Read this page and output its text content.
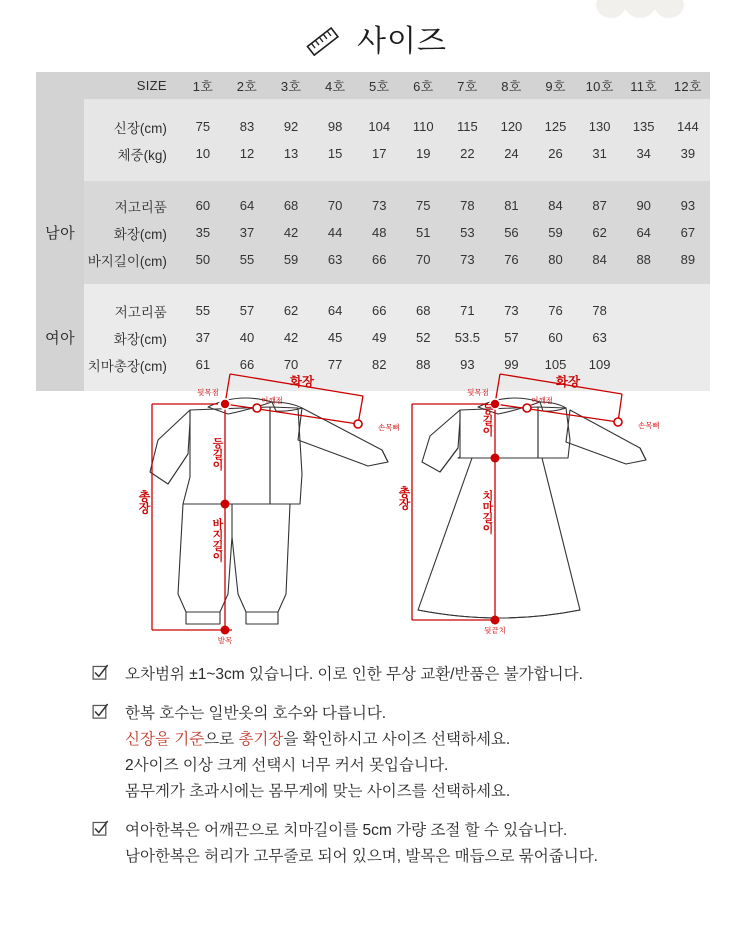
사이즈
	SIZE	1호	2호	3호	4호	5호	6호	7호	8호	9호	10호	11호	12호

	신장(cm)	75	83	92	98	104	110	115	120	125	130	135	144
	체중(kg)	10	12	13	15	17	19	22	24	26	31	34	39

남아	저고리품	60	64	68	70	73	75	78	81	84	87	90	93
	화장(cm)	35	37	42	44	48	51	53	56	59	62	64	67
	바지길이(cm)	50	55	59	63	66	70	73	76	80	84	88	89

여아	저고리품	55	57	62	64	66	68	71	73	76	78		
	화장(cm)	37	40	42	45	49	52	53.5	57	60	63		
	치마총장(cm)	61	66	70	77	82	88	93	99	105	109		

뒷목점
어깨점
손목뼈
화장
등길이
바지길이
총장
발목
뒷목점
어깨점
손목뼈
화장
등길이
치마길이
총장
뒷끝치
오차범위 ±1~3cm 있습니다. 이로 인한 무상 교환/반품은 불가합니다.
한복 호수는 일반옷의 호수와 다릅니다.
신장을 기준으로 총기장을 확인하시고 사이즈 선택하세요.
2사이즈 이상 크게 선택시 너무 커서 못입습니다.
몸무게가 초과시에는 몸무게에 맞는 사이즈를 선택하세요.
여아한복은 어깨끈으로 치마길이를 5cm 가량 조절 할 수 있습니다.
남아한복은 허리가 고무줄로 되어 있으며, 발목은 매듭으로 묶어줍니다.
